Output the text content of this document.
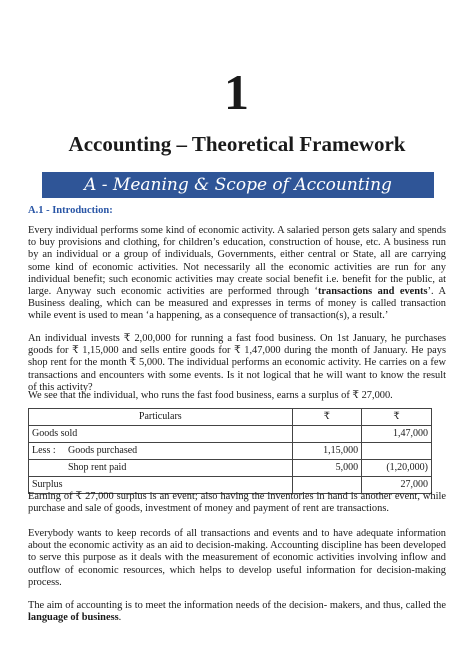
1
Accounting – Theoretical Framework
A - Meaning & Scope of Accounting
A.1 - Introduction:

Every individual performs some kind of economic activity. A salaried person gets salary and spends to buy provisions and clothing, for children’s education, construction of house, etc. A business run by an individual or a group of individuals, Governments, either central or State, all are carrying some kind of economic activities. Not necessarily all the economic activities are run for any individual benefit; such economic activities may create social benefit i.e. benefit for the public, at large. Anyway such economic activities are performed through ‘transactions and events’. A Business dealing, which can be measured and expresses in terms of money is called transaction while event is used to mean ‘a happening, as a consequence of transaction(s), a result.’

An individual invests ₹ 2,00,000 for running a fast food business. On 1st January, he purchases goods for ₹ 1,15,000 and sells entire goods for ₹ 1,47,000 during the month of January. He pays shop rent for the month ₹ 5,000. The individual performs an economic activity. He carries on a few transactions and encounters with some events. Is it not logical that he will want to know the result of this activity?

We see that the individual, who runs the fast food business, earns a surplus of ₹ 27,000.

Particulars	₹	₹
Goods sold		1,47,000
Less : Goods purchased	1,15,000	
Shop rent paid	5,000	(1,20,000)
Surplus		27,000

Earning of ₹ 27,000 surplus is an event; also having the inventories in hand is another event, while purchase and sale of goods, investment of money and payment of rent are transactions.

Everybody wants to keep records of all transactions and events and to have adequate information about the economic activity as an aid to decision-making. Accounting discipline has been developed to serve this purpose as it deals with the measurement of economic activities involving inflow and outflow of economic resources, which helps to develop useful information for decision-making process.

The aim of accounting is to meet the information needs of the decision- makers, and thus, called the language of business.
